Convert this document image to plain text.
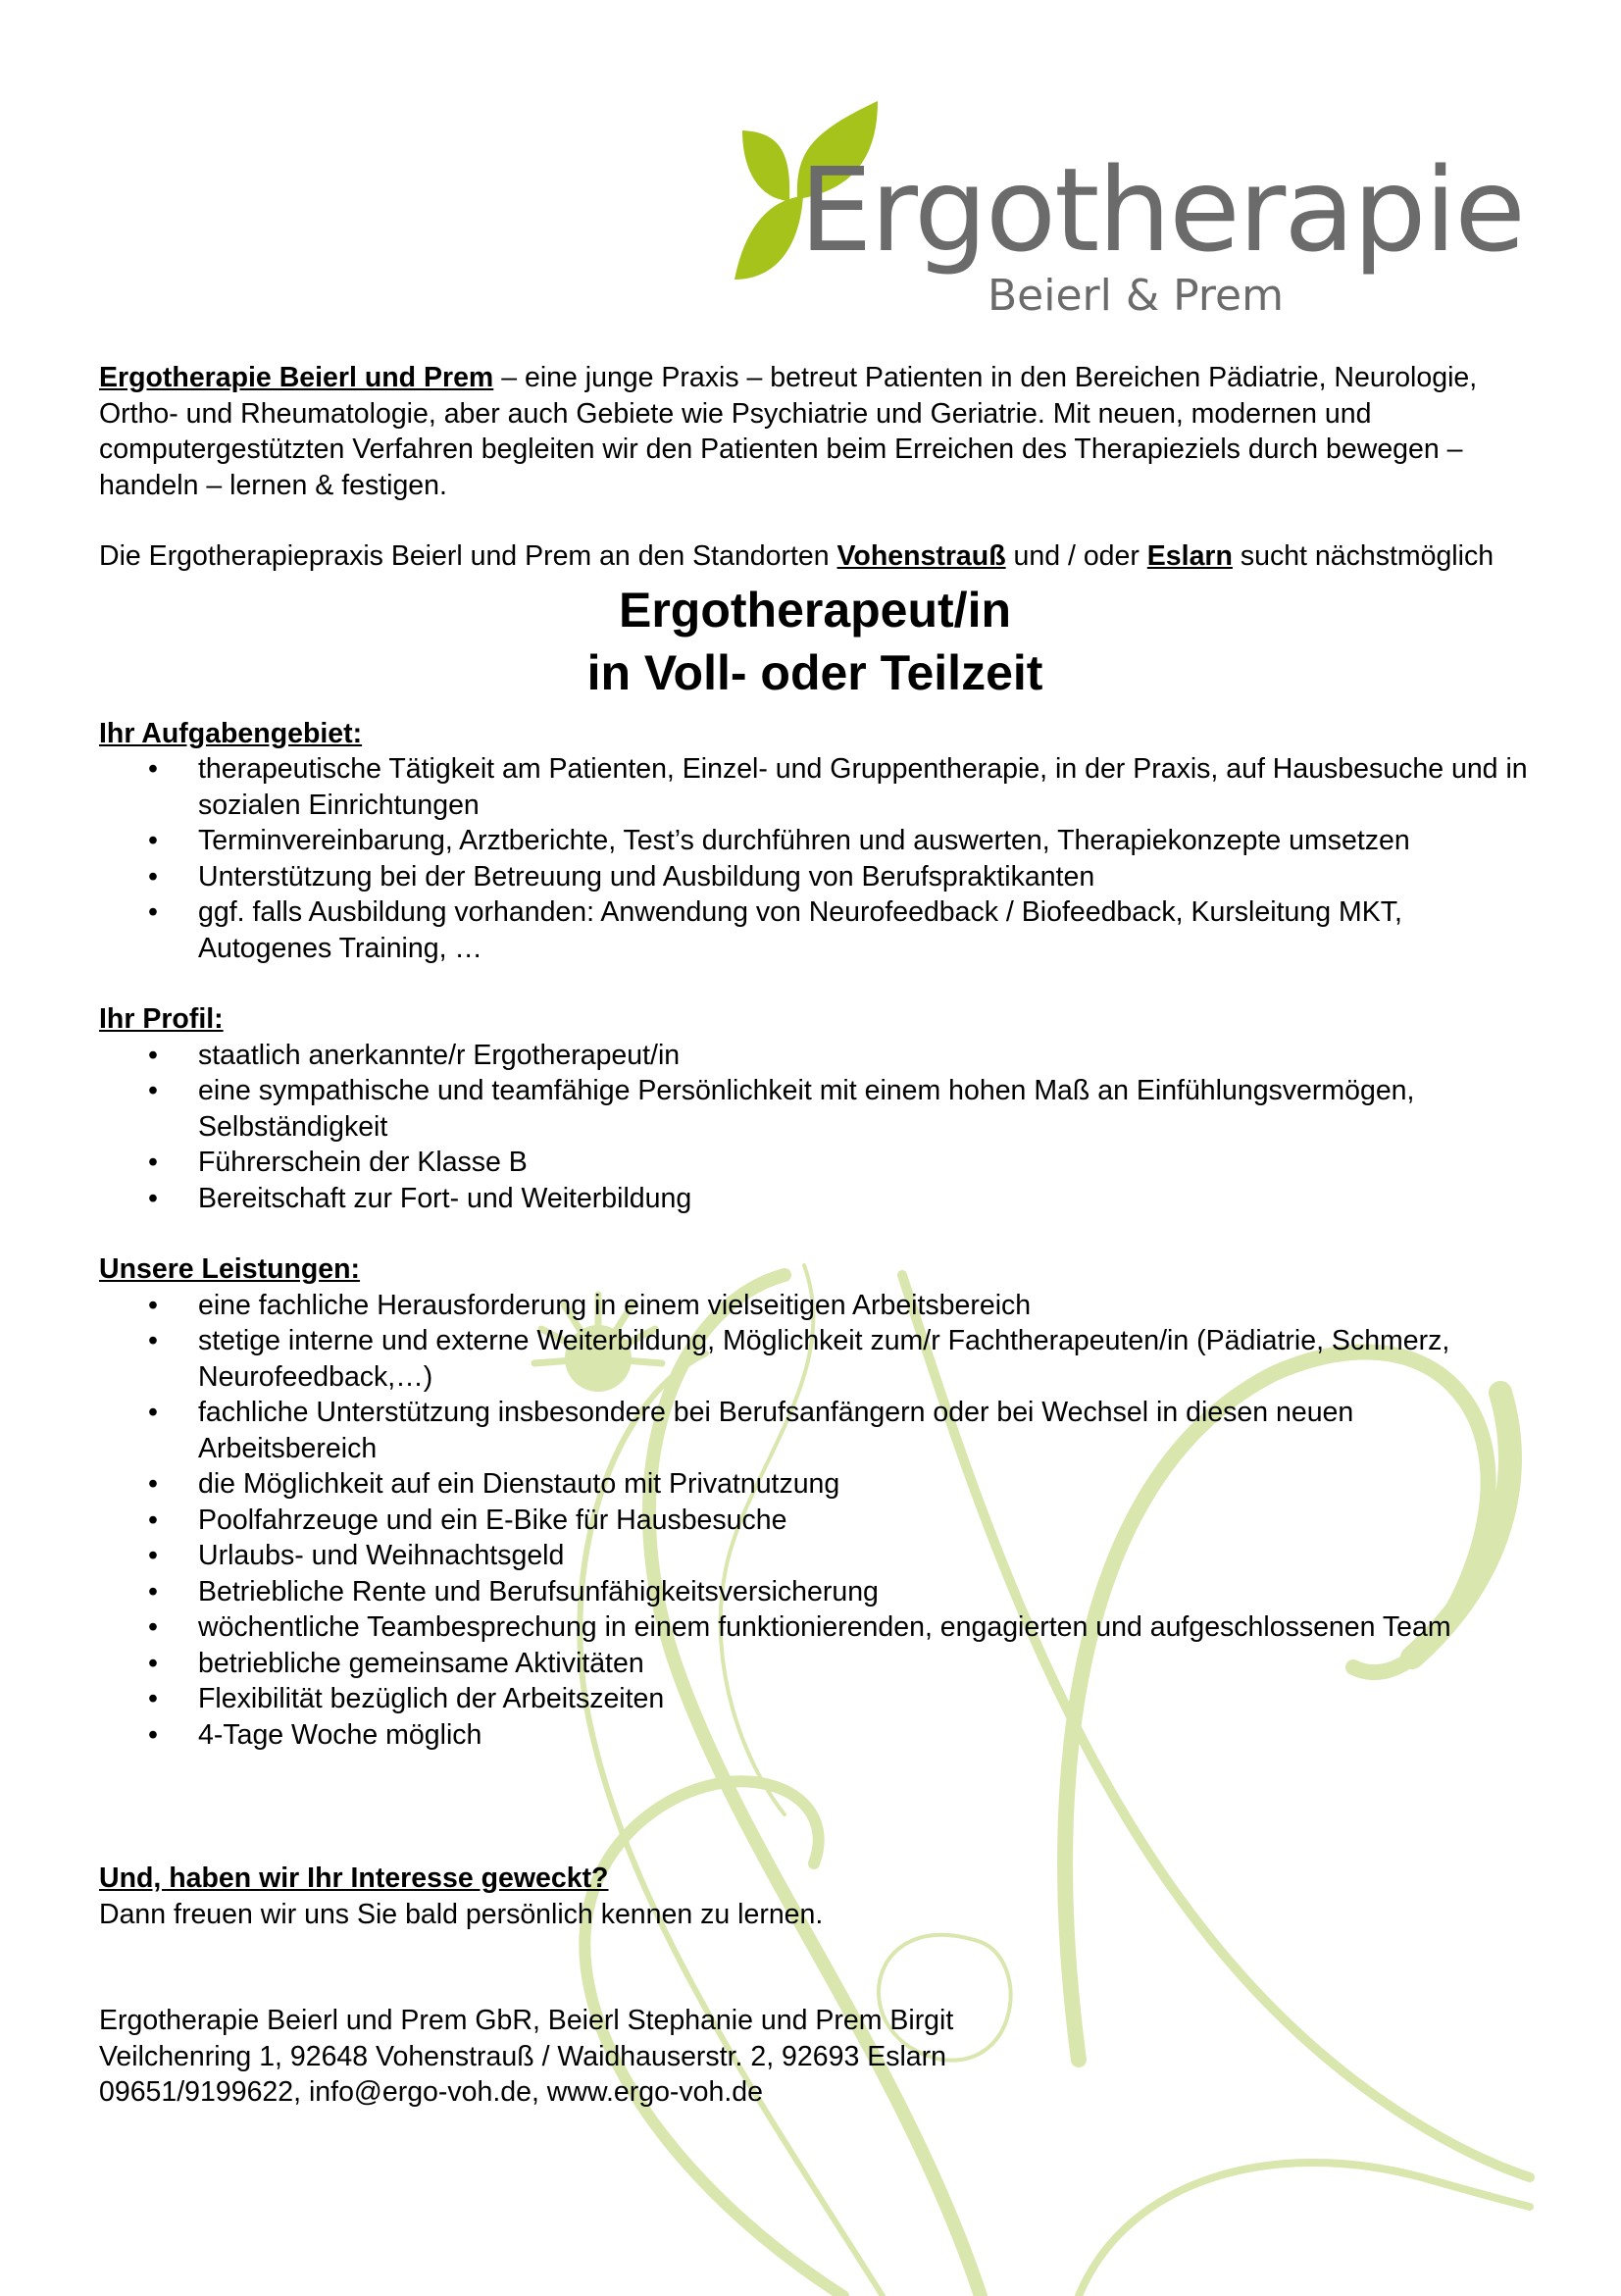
Ergotherapie
Beierl & Prem

Ergotherapie Beierl und Prem – eine junge Praxis – betreut Patienten in den Bereichen Pädiatrie, Neurologie, Ortho- und Rheumatologie, aber auch Gebiete wie Psychiatrie und Geriatrie. Mit neuen, modernen und computergestützten Verfahren begleiten wir den Patienten beim Erreichen des Therapieziels durch bewegen – handeln – lernen & festigen.

Die Ergotherapiepraxis Beierl und Prem an den Standorten Vohenstrauß und / oder Eslarn sucht nächstmöglich

Ergotherapeut/in
in Voll- oder Teilzeit
Ihr Aufgabengebiet:
• therapeutische Tätigkeit am Patienten, Einzel- und Gruppentherapie, in der Praxis, auf Hausbesuche und in sozialen Einrichtungen
• Terminvereinbarung, Arztberichte, Test’s durchführen und auswerten, Therapiekonzepte umsetzen
• Unterstützung bei der Betreuung und Ausbildung von Berufspraktikanten
• ggf. falls Ausbildung vorhanden: Anwendung von Neurofeedback / Biofeedback, Kursleitung MKT, Autogenes Training, …
Ihr Profil:
• staatlich anerkannte/r Ergotherapeut/in
• eine sympathische und teamfähige Persönlichkeit mit einem hohen Maß an Einfühlungsvermögen, Selbständigkeit
• Führerschein der Klasse B
• Bereitschaft zur Fort- und Weiterbildung
Unsere Leistungen:
• eine fachliche Herausforderung in einem vielseitigen Arbeitsbereich
• stetige interne und externe Weiterbildung, Möglichkeit zum/r Fachtherapeuten/in (Pädiatrie, Schmerz, Neurofeedback,…)
• fachliche Unterstützung insbesondere bei Berufsanfängern oder bei Wechsel in diesen neuen Arbeitsbereich
• die Möglichkeit auf ein Dienstauto mit Privatnutzung
• Poolfahrzeuge und ein E-Bike für Hausbesuche
• Urlaubs- und Weihnachtsgeld
• Betriebliche Rente und Berufsunfähigkeitsversicherung
• wöchentliche Teambesprechung in einem funktionierenden, engagierten und aufgeschlossenen Team
• betriebliche gemeinsame Aktivitäten
• Flexibilität bezüglich der Arbeitszeiten
• 4-Tage Woche möglich
Und, haben wir Ihr Interesse geweckt?

Dann freuen wir uns Sie bald persönlich kennen zu lernen.

Ergotherapie Beierl und Prem GbR, Beierl Stephanie und Prem Birgit

Veilchenring 1, 92648 Vohenstrauß / Waidhauserstr. 2, 92693 Eslarn

09651/9199622, info@ergo-voh.de, www.ergo-voh.de
